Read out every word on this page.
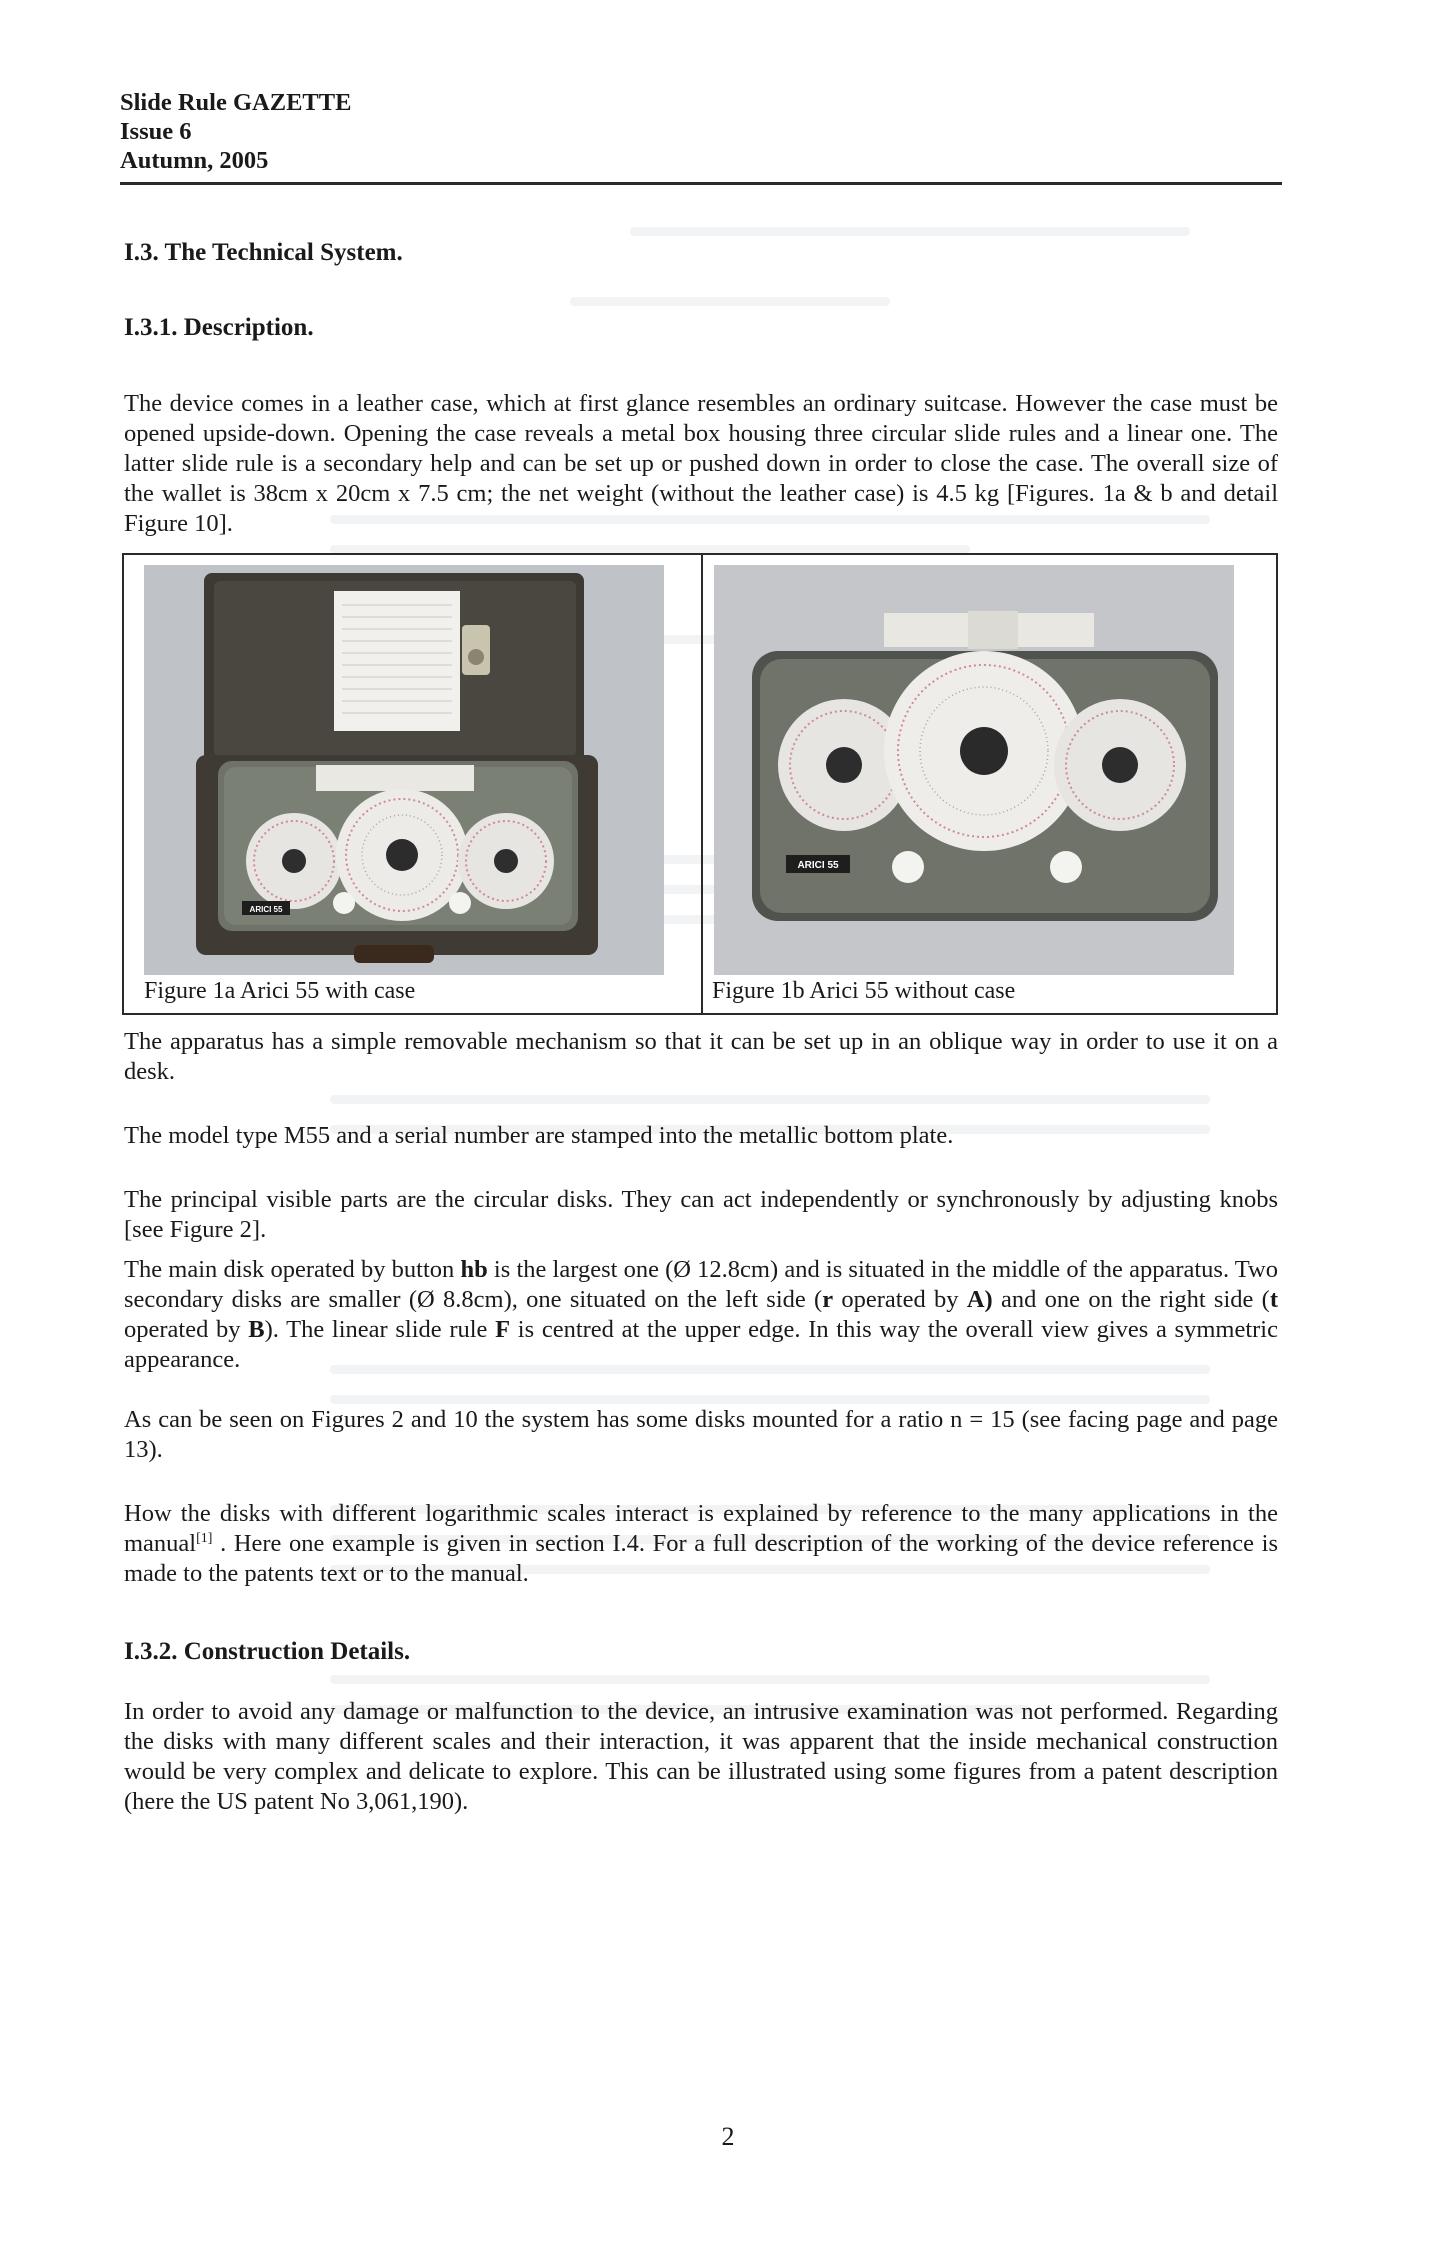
Slide Rule GAZETTE
Issue 6
Autumn, 2005
I.3. The Technical System.
I.3.1. Description.

The device comes in a leather case, which at first glance resembles an ordinary suitcase. However the case must be opened upside-down. Opening the case reveals a metal box housing three circular slide rules and a linear one. The latter slide rule is a secondary help and can be set up or pushed down in order to close the case. The overall size of the wallet is 38cm x 20cm x 7.5 cm; the net weight (without the leather case) is 4.5 kg [Figures. 1a & b and detail Figure 10].

ARICI 55
ARICI 55
Figure 1a Arici 55 with case	Figure 1b Arici 55 without case

The apparatus has a simple removable mechanism so that it can be set up in an oblique way in order to use it on a desk.

The model type M55 and a serial number are stamped into the metallic bottom plate.

The principal visible parts are the circular disks. They can act independently or synchronously by adjusting knobs [see Figure 2].

The main disk operated by button hb is the largest one (Ø 12.8cm) and is situated in the middle of the apparatus. Two secondary disks are smaller (Ø 8.8cm), one situated on the left side (r operated by A) and one on the right side (t operated by B). The linear slide rule F is centred at the upper edge. In this way the overall view gives a symmetric appearance.

As can be seen on Figures 2 and 10 the system has some disks mounted for a ratio n = 15 (see facing page and page 13).

How the disks with different logarithmic scales interact is explained by reference to the many applications in the manual[1] . Here one example is given in section I.4. For a full description of the working of the device reference is made to the patents text or to the manual.

I.3.2. Construction Details.

In order to avoid any damage or malfunction to the device, an intrusive examination was not performed. Regarding the disks with many different scales and their interaction, it was apparent that the inside mechanical construction would be very complex and delicate to explore. This can be illustrated using some figures from a patent description (here the US patent No 3,061,190).

2
